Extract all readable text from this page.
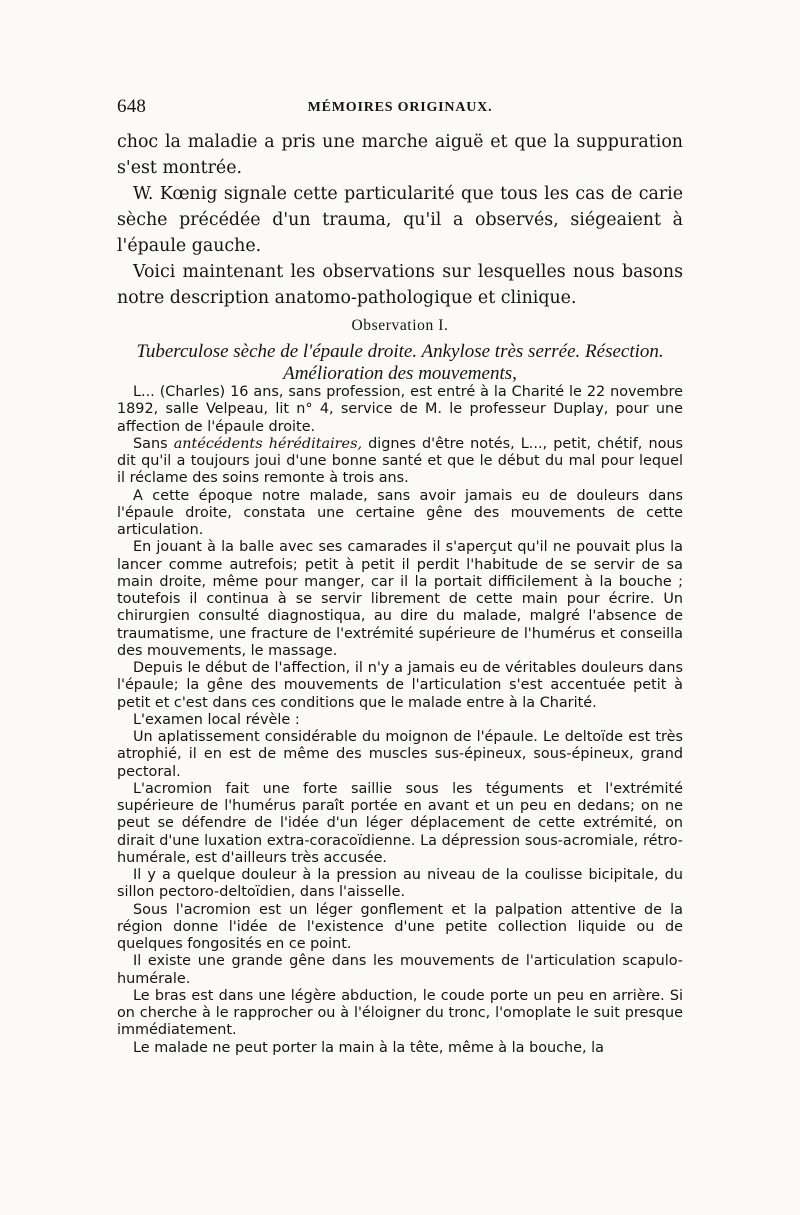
648	MÉMOIRES ORIGINAUX.

choc la maladie a pris une marche aiguë et que la suppuration s'est montrée.

W. Kœnig signale cette particularité que tous les cas de carie sèche précédée d'un trauma, qu'il a observés, siégeaient à l'épaule gauche.

Voici maintenant les observations sur lesquelles nous basons notre description anatomo-pathologique et clinique.

Observation I.
Tuberculose sèche de l'épaule droite. Ankylose très serrée. Résection. Amélioration des mouvements,

L... (Charles) 16 ans, sans profession, est entré à la Charité le 22 novembre 1892, salle Velpeau, lit n° 4, service de M. le professeur Duplay, pour une affection de l'épaule droite.

Sans antécédents héréditaires, dignes d'être notés, L..., petit, chétif, nous dit qu'il a toujours joui d'une bonne santé et que le début du mal pour lequel il réclame des soins remonte à trois ans.

A cette époque notre malade, sans avoir jamais eu de douleurs dans l'épaule droite, constata une certaine gêne des mouvements de cette articulation.

En jouant à la balle avec ses camarades il s'aperçut qu'il ne pouvait plus la lancer comme autrefois; petit à petit il perdit l'habitude de se servir de sa main droite, même pour manger, car il la portait difficilement à la bouche ; toutefois il continua à se servir librement de cette main pour écrire. Un chirurgien consulté diagnostiqua, au dire du malade, malgré l'absence de traumatisme, une fracture de l'extrémité supérieure de l'humérus et conseilla des mouvements, le massage.

Depuis le début de l'affection, il n'y a jamais eu de véritables douleurs dans l'épaule; la gêne des mouvements de l'articulation s'est accentuée petit à petit et c'est dans ces conditions que le malade entre à la Charité.

L'examen local révèle :

Un aplatissement considérable du moignon de l'épaule. Le deltoïde est très atrophié, il en est de même des muscles sus-épineux, sous-épineux, grand pectoral.

L'acromion fait une forte saillie sous les téguments et l'extrémité supérieure de l'humérus paraît portée en avant et un peu en dedans; on ne peut se défendre de l'idée d'un léger déplacement de cette extrémité, on dirait d'une luxation extra-coracoïdienne. La dépression sous-acromiale, rétro-humérale, est d'ailleurs très accusée.

Il y a quelque douleur à la pression au niveau de la coulisse bicipitale, du sillon pectoro-deltoïdien, dans l'aisselle.

Sous l'acromion est un léger gonflement et la palpation attentive de la région donne l'idée de l'existence d'une petite collection liquide ou de quelques fongosités en ce point.

Il existe une grande gêne dans les mouvements de l'articulation scapulo-humérale.

Le bras est dans une légère abduction, le coude porte un peu en arrière. Si on cherche à le rapprocher ou à l'éloigner du tronc, l'omoplate le suit presque immédiatement.

Le malade ne peut porter la main à la tête, même à la bouche, la
